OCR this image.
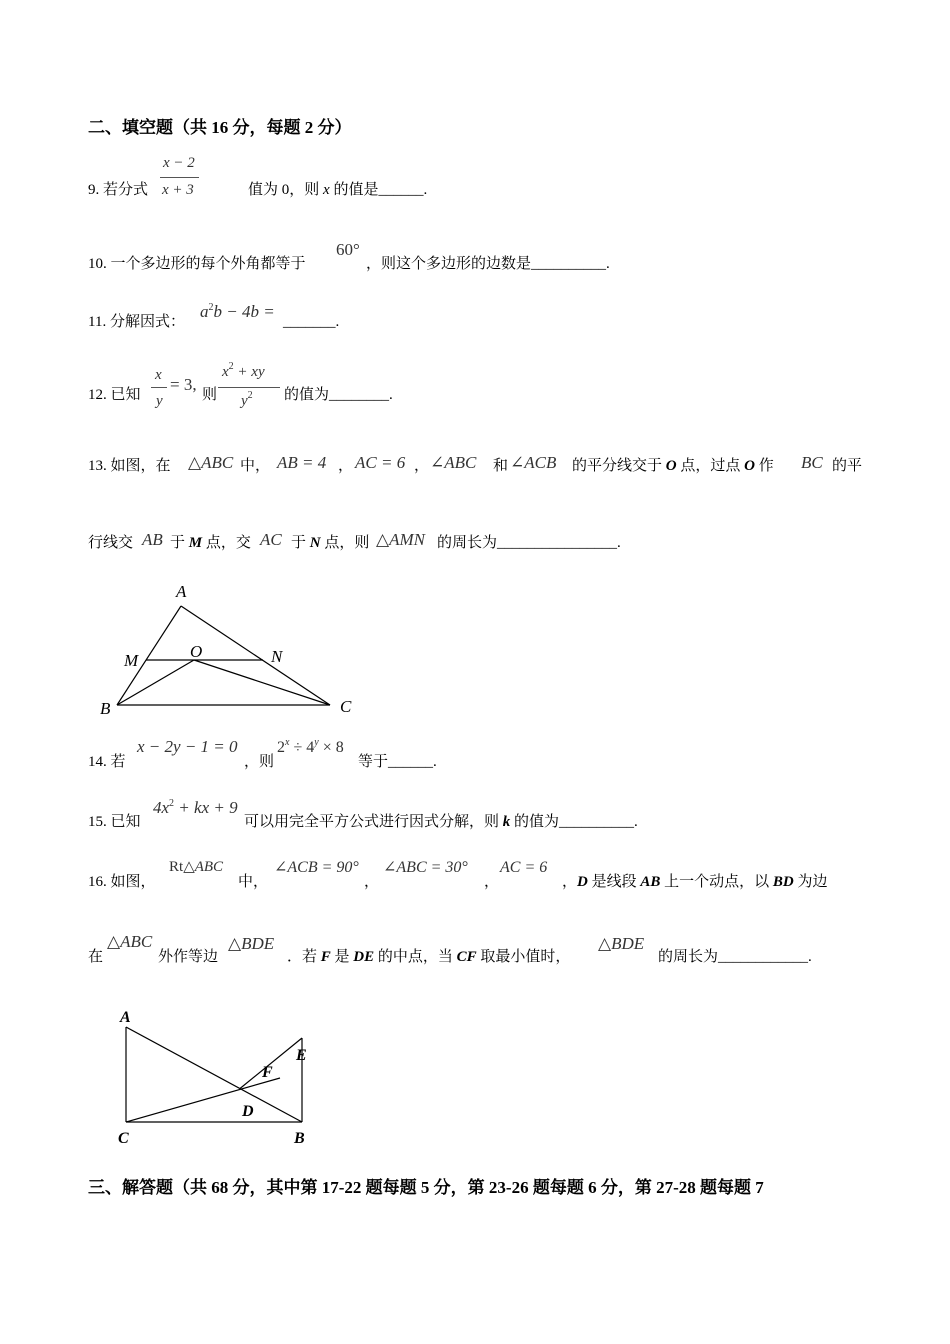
二、填空题（共 16 分，每题 2 分）
9. 若分式
x − 2
x + 3	值为 0，则 x 的值是______.
10. 一个多边形的每个外角都等于
60°
，则这个多边形的边数是__________.
11. 分解因式：
$a^2b - 4b$ =
_______.
12. 已知
x
y
= 3,
则
$x^2$ + xy
$y^2$ 的值为________.
13. 如图，在 △ABC 中， AB = 4 ， AC = 6 ， ∠ABC 和 ∠ACB 的平分线交于 O 点，过点 O 作 BC 的平
行线交 AB 于 M 点，交 AC 于 N 点，则 △AMN 的周长为________________.
A
M	O	N
B	C
14. 若
x − 2y − 1 = 0
，则
$2^x \div 4^y \times 8$
等于______.
15. 已知
$4x^2$ + kx + 9
可以用完全平方公式进行因式分解，则 k 的值为__________.
16. 如图，
Rt△ABC
中，
∠ACB = 90°
，
∠ABC = 30°
，
AC = 6
，D 是线段 AB 上一个动点，以 BD 为边
在
△ABC
外作等边
△BDE
．若 F 是 DE 的中点，当 CF 取最小值时，
△BDE
的周长为____________.
A
E
F
D
C	B
三、解答题（共 68 分，其中第 17-22 题每题 5 分，第 23-26 题每题 6 分，第 27-28 题每题 7
